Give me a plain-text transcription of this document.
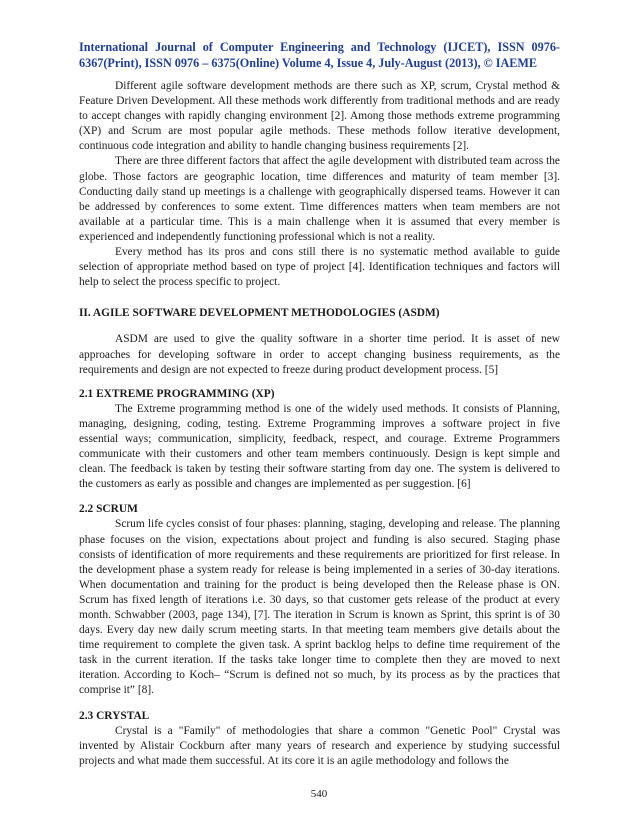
International Journal of Computer Engineering and Technology (IJCET), ISSN 0976-6367(Print), ISSN 0976 – 6375(Online) Volume 4, Issue 4, July-August (2013), © IAEME

Different agile software development methods are there such as XP, scrum, Crystal method & Feature Driven Development. All these methods work differently from traditional methods and are ready to accept changes with rapidly changing environment [2]. Among those methods extreme programming (XP) and Scrum are most popular agile methods. These methods follow iterative development, continuous code integration and ability to handle changing business requirements [2].

There are three different factors that affect the agile development with distributed team across the globe. Those factors are geographic location, time differences and maturity of team member [3]. Conducting daily stand up meetings is a challenge with geographically dispersed teams. However it can be addressed by conferences to some extent. Time differences matters when team members are not available at a particular time. This is a main challenge when it is assumed that every member is experienced and independently functioning professional which is not a reality.

Every method has its pros and cons still there is no systematic method available to guide selection of appropriate method based on type of project [4]. Identification techniques and factors will help to select the process specific to project.

II. AGILE SOFTWARE DEVELOPMENT METHODOLOGIES (ASDM)

ASDM are used to give the quality software in a shorter time period. It is asset of new approaches for developing software in order to accept changing business requirements, as the requirements and design are not expected to freeze during product development process. [5]

2.1 EXTREME PROGRAMMING (XP)

The Extreme programming method is one of the widely used methods. It consists of Planning, managing, designing, coding, testing. Extreme Programming improves a software project in five essential ways; communication, simplicity, feedback, respect, and courage. Extreme Programmers communicate with their customers and other team members continuously. Design is kept simple and clean. The feedback is taken by testing their software starting from day one. The system is delivered to the customers as early as possible and changes are implemented as per suggestion. [6]

2.2 SCRUM

Scrum life cycles consist of four phases: planning, staging, developing and release. The planning phase focuses on the vision, expectations about project and funding is also secured. Staging phase consists of identification of more requirements and these requirements are prioritized for first release. In the development phase a system ready for release is being implemented in a series of 30-day iterations. When documentation and training for the product is being developed then the Release phase is ON. Scrum has fixed length of iterations i.e. 30 days, so that customer gets release of the product at every month. Schwabber (2003, page 134), [7]. The iteration in Scrum is known as Sprint, this sprint is of 30 days. Every day new daily scrum meeting starts. In that meeting team members give details about the time requirement to complete the given task. A sprint backlog helps to define time requirement of the task in the current iteration. If the tasks take longer time to complete then they are moved to next iteration. According to Koch– “Scrum is defined not so much, by its process as by the practices that comprise it” [8].

2.3 CRYSTAL

Crystal is a "Family" of methodologies that share a common "Genetic Pool" Crystal was invented by Alistair Cockburn after many years of research and experience by studying successful projects and what made them successful. At its core it is an agile methodology and follows the

540
